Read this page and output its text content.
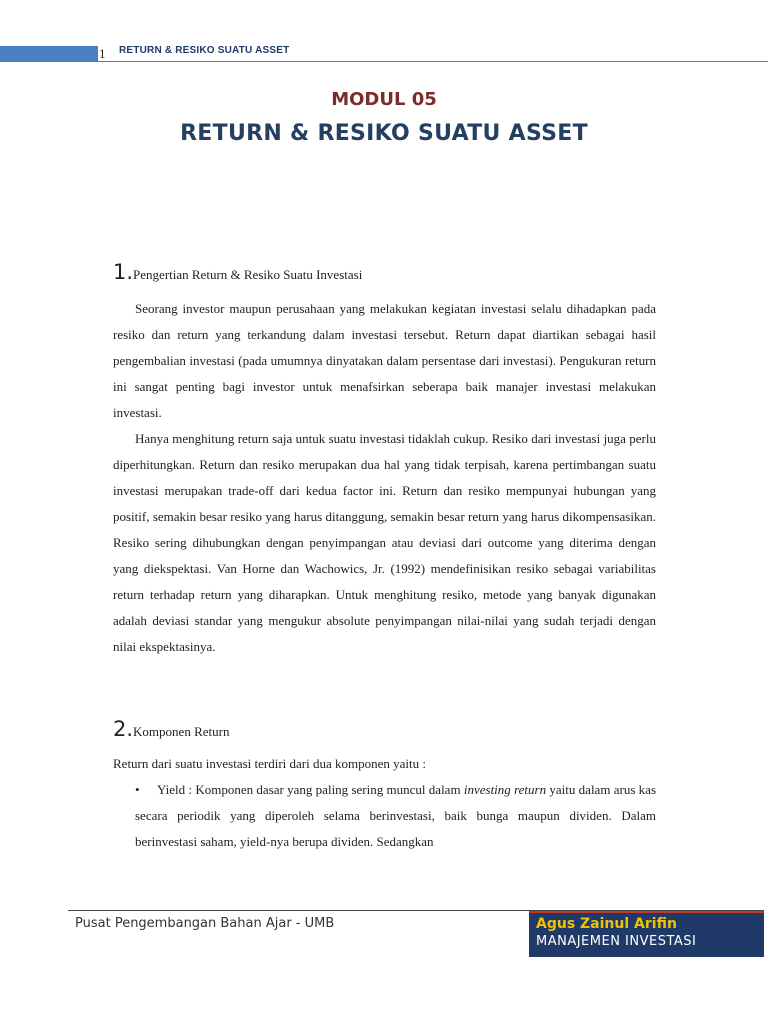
1 RETURN & RESIKO SUATU ASSET
MODUL 05
RETURN & RESIKO SUATU ASSET
1.Pengertian Return & Resiko Suatu Investasi

Seorang investor maupun perusahaan yang melakukan kegiatan investasi selalu dihadapkan pada resiko dan return yang terkandung dalam investasi tersebut. Return dapat diartikan sebagai hasil pengembalian investasi (pada umumnya dinyatakan dalam persentase dari investasi). Pengukuran return ini sangat penting bagi investor untuk menafsirkan seberapa baik manajer investasi melakukan investasi.

Hanya menghitung return saja untuk suatu investasi tidaklah cukup. Resiko dari investasi juga perlu diperhitungkan. Return dan resiko merupakan dua hal yang tidak terpisah, karena pertimbangan suatu investasi merupakan trade-off dari kedua factor ini. Return dan resiko mempunyai hubungan yang positif, semakin besar resiko yang harus ditanggung, semakin besar return yang harus dikompensasikan. Resiko sering dihubungkan dengan penyimpangan atau deviasi dari outcome yang diterima dengan yang diekspektasi. Van Horne dan Wachowics, Jr. (1992) mendefinisikan resiko sebagai variabilitas return terhadap return yang diharapkan. Untuk menghitung resiko, metode yang banyak digunakan adalah deviasi standar yang mengukur absolute penyimpangan nilai-nilai yang sudah terjadi dengan nilai ekspektasinya.

2.Komponen Return
Return dari suatu investasi terdiri dari dua komponen yaitu :
•	Yield : Komponen dasar yang paling sering muncul dalam investing return yaitu dalam arus kas secara periodik yang diperoleh selama berinvestasi, baik bunga maupun dividen. Dalam berinvestasi saham, yield-nya berupa dividen. Sedangkan
Pusat Pengembangan Bahan Ajar - UMB	Agus Zainul Arifin
MANAJEMEN INVESTASI
